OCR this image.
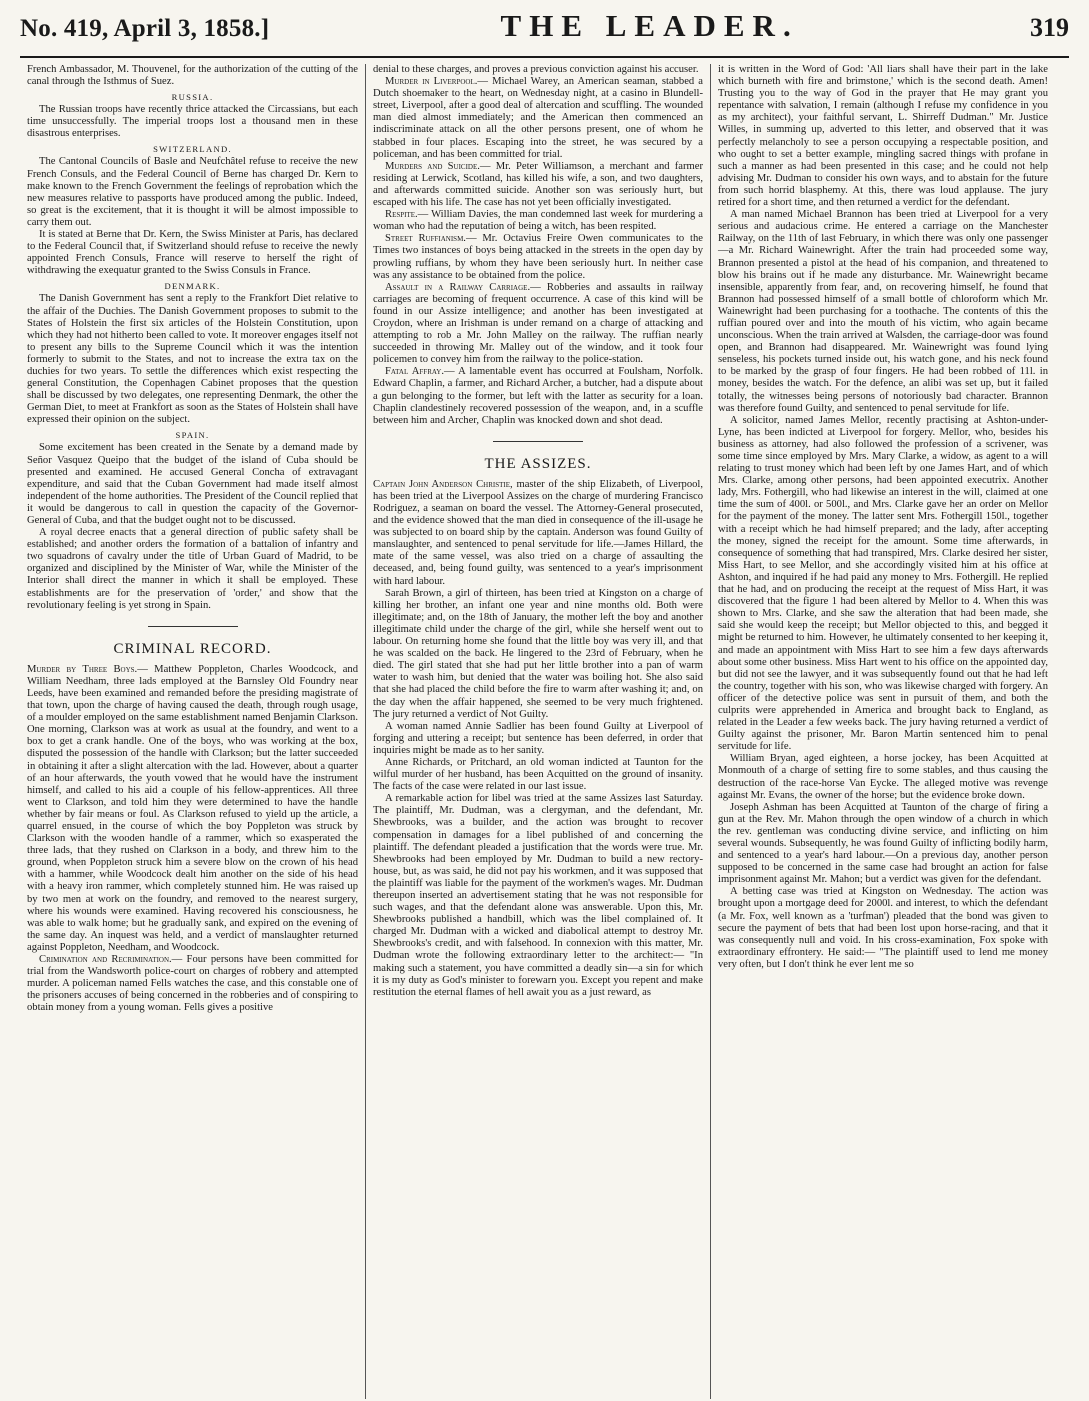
No. 419, April 3, 1858.]	THE LEADER.	319

French Ambassador, M. Thouvenel, for the authorization of the cutting of the canal through the Isthmus of Suez.

RUSSIA.

The Russian troops have recently thrice attacked the Circassians, but each time unsuccessfully. The imperial troops lost a thousand men in these disastrous enterprises.

SWITZERLAND.

The Cantonal Councils of Basle and Neufchâtel refuse to receive the new French Consuls, and the Federal Council of Berne has charged Dr. Kern to make known to the French Government the feelings of reprobation which the new measures relative to passports have produced among the public. Indeed, so great is the excitement, that it is thought it will be almost impossible to carry them out.

It is stated at Berne that Dr. Kern, the Swiss Minister at Paris, has declared to the Federal Council that, if Switzerland should refuse to receive the newly appointed French Consuls, France will reserve to herself the right of withdrawing the exequatur granted to the Swiss Consuls in France.

DENMARK.

The Danish Government has sent a reply to the Frankfort Diet relative to the affair of the Duchies. The Danish Government proposes to submit to the States of Holstein the first six articles of the Holstein Constitution, upon which they had not hitherto been called to vote. It moreover engages itself not to present any bills to the Supreme Council which it was the intention formerly to submit to the States, and not to increase the extra tax on the duchies for two years. To settle the differences which exist respecting the general Constitution, the Copenhagen Cabinet proposes that the question shall be discussed by two delegates, one representing Denmark, the other the German Diet, to meet at Frankfort as soon as the States of Holstein shall have expressed their opinion on the subject.

SPAIN.

Some excitement has been created in the Senate by a demand made by Señor Vasquez Queipo that the budget of the island of Cuba should be presented and examined. He accused General Concha of extravagant expenditure, and said that the Cuban Government had made itself almost independent of the home authorities. The President of the Council replied that it would be dangerous to call in question the capacity of the Governor-General of Cuba, and that the budget ought not to be discussed.

A royal decree enacts that a general direction of public safety shall be established; and another orders the formation of a battalion of infantry and two squadrons of cavalry under the title of Urban Guard of Madrid, to be organized and disciplined by the Minister of War, while the Minister of the Interior shall direct the manner in which it shall be employed. These establishments are for the preservation of 'order,' and show that the revolutionary feeling is yet strong in Spain.

CRIMINAL RECORD.

Murder by Three Boys.— Matthew Poppleton, Charles Woodcock, and William Needham, three lads employed at the Barnsley Old Foundry near Leeds, have been examined and remanded before the presiding magistrate of that town, upon the charge of having caused the death, through rough usage, of a moulder employed on the same establishment named Benjamin Clarkson. One morning, Clarkson was at work as usual at the foundry, and went to a box to get a crank handle. One of the boys, who was working at the box, disputed the possession of the handle with Clarkson; but the latter succeeded in obtaining it after a slight altercation with the lad. However, about a quarter of an hour afterwards, the youth vowed that he would have the instrument himself, and called to his aid a couple of his fellow-apprentices. All three went to Clarkson, and told him they were determined to have the handle whether by fair means or foul. As Clarkson refused to yield up the article, a quarrel ensued, in the course of which the boy Poppleton was struck by Clarkson with the wooden handle of a rammer, which so exasperated the three lads, that they rushed on Clarkson in a body, and threw him to the ground, when Poppleton struck him a severe blow on the crown of his head with a hammer, while Woodcock dealt him another on the side of his head with a heavy iron rammer, which completely stunned him. He was raised up by two men at work on the foundry, and removed to the nearest surgery, where his wounds were examined. Having recovered his consciousness, he was able to walk home; but he gradually sank, and expired on the evening of the same day. An inquest was held, and a verdict of manslaughter returned against Poppleton, Needham, and Woodcock.

Crimination and Recrimination.— Four persons have been committed for trial from the Wandsworth police-court on charges of robbery and attempted murder. A policeman named Fells watches the case, and this constable one of the prisoners accuses of being concerned in the robberies and of conspiring to obtain money from a young woman. Fells gives a positive

denial to these charges, and proves a previous conviction against his accuser.

Murder in Liverpool.— Michael Warey, an American seaman, stabbed a Dutch shoemaker to the heart, on Wednesday night, at a casino in Blundell-street, Liverpool, after a good deal of altercation and scuffling. The wounded man died almost immediately; and the American then commenced an indiscriminate attack on all the other persons present, one of whom he stabbed in four places. Escaping into the street, he was secured by a policeman, and has been committed for trial.

Murders and Suicide.— Mr. Peter Williamson, a merchant and farmer residing at Lerwick, Scotland, has killed his wife, a son, and two daughters, and afterwards committed suicide. Another son was seriously hurt, but escaped with his life. The case has not yet been officially investigated.

Respite.— William Davies, the man condemned last week for murdering a woman who had the reputation of being a witch, has been respited.

Street Ruffianism.— Mr. Octavius Freire Owen communicates to the Times two instances of boys being attacked in the streets in the open day by prowling ruffians, by whom they have been seriously hurt. In neither case was any assistance to be obtained from the police.

Assault in a Railway Carriage.— Robberies and assaults in railway carriages are becoming of frequent occurrence. A case of this kind will be found in our Assize intelligence; and another has been investigated at Croydon, where an Irishman is under remand on a charge of attacking and attempting to rob a Mr. John Malley on the railway. The ruffian nearly succeeded in throwing Mr. Malley out of the window, and it took four policemen to convey him from the railway to the police-station.

Fatal Affray.— A lamentable event has occurred at Foulsham, Norfolk. Edward Chaplin, a farmer, and Richard Archer, a butcher, had a dispute about a gun belonging to the former, but left with the latter as security for a loan. Chaplin clandestinely recovered possession of the weapon, and, in a scuffle between him and Archer, Chaplin was knocked down and shot dead.

THE ASSIZES.

Captain John Anderson Christie, master of the ship Elizabeth, of Liverpool, has been tried at the Liverpool Assizes on the charge of murdering Francisco Rodriguez, a seaman on board the vessel. The Attorney-General prosecuted, and the evidence showed that the man died in consequence of the ill-usage he was subjected to on board ship by the captain. Anderson was found Guilty of manslaughter, and sentenced to penal servitude for life.—James Hillard, the mate of the same vessel, was also tried on a charge of assaulting the deceased, and, being found guilty, was sentenced to a year's imprisonment with hard labour.

Sarah Brown, a girl of thirteen, has been tried at Kingston on a charge of killing her brother, an infant one year and nine months old. Both were illegitimate; and, on the 18th of January, the mother left the boy and another illegitimate child under the charge of the girl, while she herself went out to labour. On returning home she found that the little boy was very ill, and that he was scalded on the back. He lingered to the 23rd of February, when he died. The girl stated that she had put her little brother into a pan of warm water to wash him, but denied that the water was boiling hot. She also said that she had placed the child before the fire to warm after washing it; and, on the day when the affair happened, she seemed to be very much frightened. The jury returned a verdict of Not Guilty.

A woman named Annie Sadlier has been found Guilty at Liverpool of forging and uttering a receipt; but sentence has been deferred, in order that inquiries might be made as to her sanity.

Anne Richards, or Pritchard, an old woman indicted at Taunton for the wilful murder of her husband, has been Acquitted on the ground of insanity. The facts of the case were related in our last issue.

A remarkable action for libel was tried at the same Assizes last Saturday. The plaintiff, Mr. Dudman, was a clergyman, and the defendant, Mr. Shewbrooks, was a builder, and the action was brought to recover compensation in damages for a libel published of and concerning the plaintiff. The defendant pleaded a justification that the words were true. Mr. Shewbrooks had been employed by Mr. Dudman to build a new rectory-house, but, as was said, he did not pay his workmen, and it was supposed that the plaintiff was liable for the payment of the workmen's wages. Mr. Dudman thereupon inserted an advertisement stating that he was not responsible for such wages, and that the defendant alone was answerable. Upon this, Mr. Shewbrooks published a handbill, which was the libel complained of. It charged Mr. Dudman with a wicked and diabolical attempt to destroy Mr. Shewbrooks's credit, and with falsehood. In connexion with this matter, Mr. Dudman wrote the following extraordinary letter to the architect:— "In making such a statement, you have committed a deadly sin—a sin for which it is my duty as God's minister to forewarn you. Except you repent and make restitution the eternal flames of hell await you as a just reward, as

it is written in the Word of God: 'All liars shall have their part in the lake which burneth with fire and brimstone,' which is the second death. Amen! Trusting you to the way of God in the prayer that He may grant you repentance with salvation, I remain (although I refuse my confidence in you as my architect), your faithful servant, L. Shirreff Dudman." Mr. Justice Willes, in summing up, adverted to this letter, and observed that it was perfectly melancholy to see a person occupying a respectable position, and who ought to set a better example, mingling sacred things with profane in such a manner as had been presented in this case; and he could not help advising Mr. Dudman to consider his own ways, and to abstain for the future from such horrid blasphemy. At this, there was loud applause. The jury retired for a short time, and then returned a verdict for the defendant.

A man named Michael Brannon has been tried at Liverpool for a very serious and audacious crime. He entered a carriage on the Manchester Railway, on the 11th of last February, in which there was only one passenger—a Mr. Richard Wainewright. After the train had proceeded some way, Brannon presented a pistol at the head of his companion, and threatened to blow his brains out if he made any disturbance. Mr. Wainewright became insensible, apparently from fear, and, on recovering himself, he found that Brannon had possessed himself of a small bottle of chloroform which Mr. Wainewright had been purchasing for a toothache. The contents of this the ruffian poured over and into the mouth of his victim, who again became unconscious. When the train arrived at Walsden, the carriage-door was found open, and Brannon had disappeared. Mr. Wainewright was found lying senseless, his pockets turned inside out, his watch gone, and his neck found to be marked by the grasp of four fingers. He had been robbed of 11l. in money, besides the watch. For the defence, an alibi was set up, but it failed totally, the witnesses being persons of notoriously bad character. Brannon was therefore found Guilty, and sentenced to penal servitude for life.

A solicitor, named James Mellor, recently practising at Ashton-under-Lyne, has been indicted at Liverpool for forgery. Mellor, who, besides his business as attorney, had also followed the profession of a scrivener, was some time since employed by Mrs. Mary Clarke, a widow, as agent to a will relating to trust money which had been left by one James Hart, and of which Mrs. Clarke, among other persons, had been appointed executrix. Another lady, Mrs. Fothergill, who had likewise an interest in the will, claimed at one time the sum of 400l. or 500l., and Mrs. Clarke gave her an order on Mellor for the payment of the money. The latter sent Mrs. Fothergill 150l., together with a receipt which he had himself prepared; and the lady, after accepting the money, signed the receipt for the amount. Some time afterwards, in consequence of something that had transpired, Mrs. Clarke desired her sister, Miss Hart, to see Mellor, and she accordingly visited him at his office at Ashton, and inquired if he had paid any money to Mrs. Fothergill. He replied that he had, and on producing the receipt at the request of Miss Hart, it was discovered that the figure 1 had been altered by Mellor to 4. When this was shown to Mrs. Clarke, and she saw the alteration that had been made, she said she would keep the receipt; but Mellor objected to this, and begged it might be returned to him. However, he ultimately consented to her keeping it, and made an appointment with Miss Hart to see him a few days afterwards about some other business. Miss Hart went to his office on the appointed day, but did not see the lawyer, and it was subsequently found out that he had left the country, together with his son, who was likewise charged with forgery. An officer of the detective police was sent in pursuit of them, and both the culprits were apprehended in America and brought back to England, as related in the Leader a few weeks back. The jury having returned a verdict of Guilty against the prisoner, Mr. Baron Martin sentenced him to penal servitude for life.

William Bryan, aged eighteen, a horse jockey, has been Acquitted at Monmouth of a charge of setting fire to some stables, and thus causing the destruction of the race-horse Van Eycke. The alleged motive was revenge against Mr. Evans, the owner of the horse; but the evidence broke down.

Joseph Ashman has been Acquitted at Taunton of the charge of firing a gun at the Rev. Mr. Mahon through the open window of a church in which the rev. gentleman was conducting divine service, and inflicting on him several wounds. Subsequently, he was found Guilty of inflicting bodily harm, and sentenced to a year's hard labour.—On a previous day, another person supposed to be concerned in the same case had brought an action for false imprisonment against Mr. Mahon; but a verdict was given for the defendant.

A betting case was tried at Kingston on Wednesday. The action was brought upon a mortgage deed for 2000l. and interest, to which the defendant (a Mr. Fox, well known as a 'turfman') pleaded that the bond was given to secure the payment of bets that had been lost upon horse-racing, and that it was consequently null and void. In his cross-examination, Fox spoke with extraordinary effrontery. He said:— "The plaintiff used to lend me money very often, but I don't think he ever lent me so
